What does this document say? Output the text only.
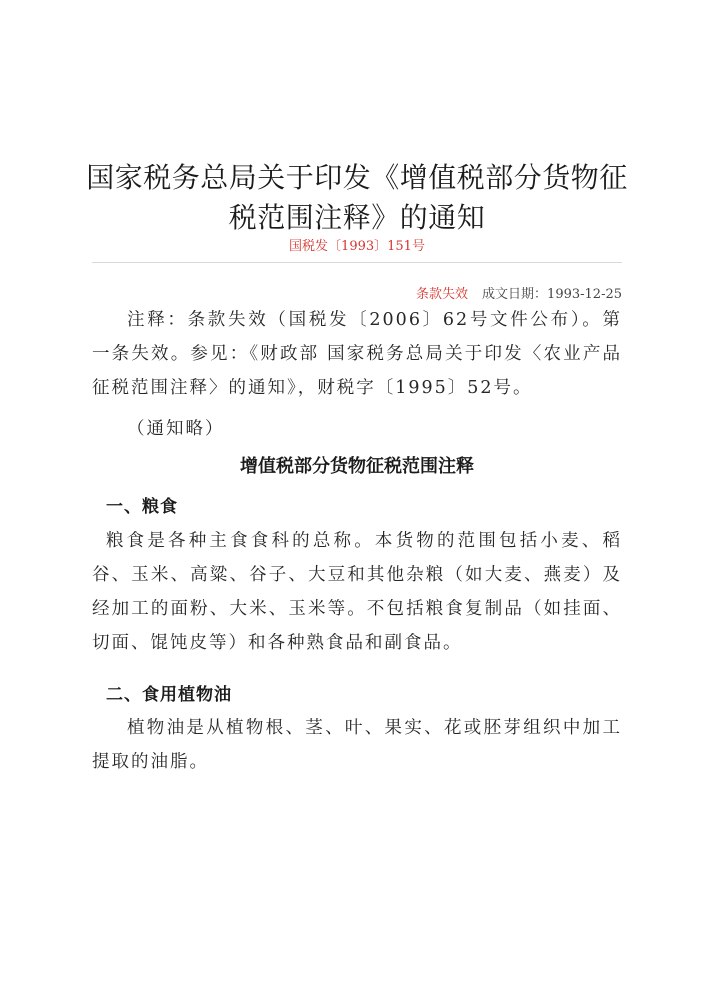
国家税务总局关于印发《增值税部分货物征税范围注释》的通知
国税发〔1993〕151号
条款失效 成文日期：1993-12-25
注释：条款失效（国税发〔2006〕62号文件公布）。第一条失效。参见：《财政部 国家税务总局关于印发〈农业产品征税范围注释〉的通知》，财税字〔1995〕52号。
（通知略）
增值税部分货物征税范围注释
一、粮食
粮食是各种主食食科的总称。本货物的范围包括小麦、稻谷、玉米、高粱、谷子、大豆和其他杂粮（如大麦、燕麦）及经加工的面粉、大米、玉米等。不包括粮食复制品（如挂面、切面、馄饨皮等）和各种熟食品和副食品。
二、食用植物油
植物油是从植物根、茎、叶、果实、花或胚芽组织中加工提取的油脂。
